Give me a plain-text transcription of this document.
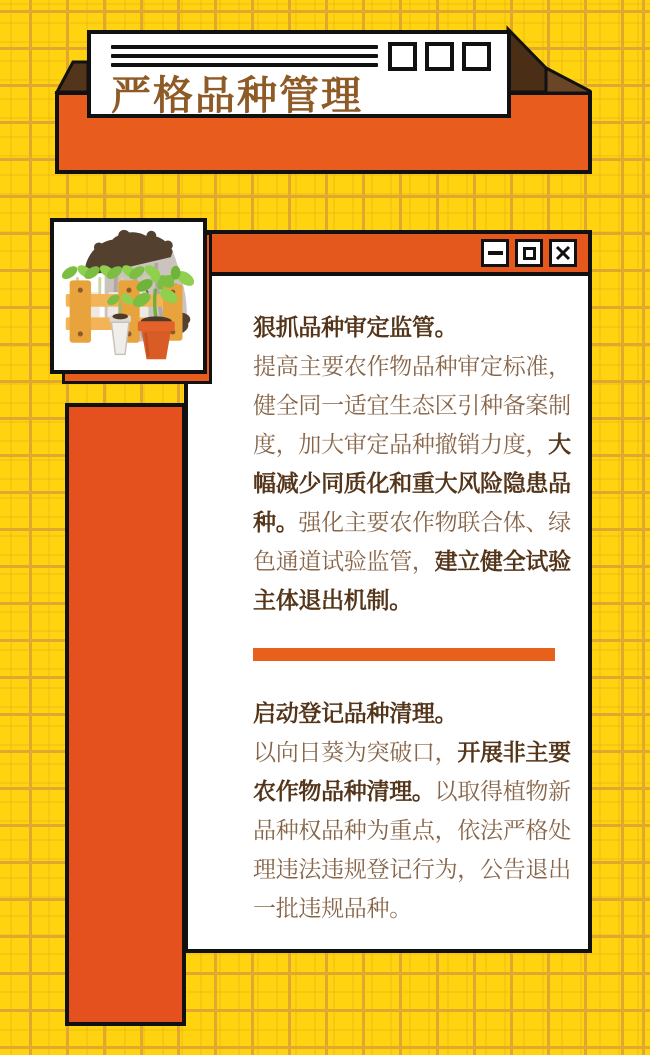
严格品种管理
狠抓品种审定监管。
提高主要农作物品种审定标准，
健全同一适宜生态区引种备案制
度，加大审定品种撤销力度，大
幅减少同质化和重大风险隐患品
种。强化主要农作物联合体、绿
色通道试验监管，建立健全试验
主体退出机制。
启动登记品种清理。
以向日葵为突破口，开展非主要
农作物品种清理。以取得植物新
品种权品种为重点，依法严格处
理违法违规登记行为，公告退出
一批违规品种。
